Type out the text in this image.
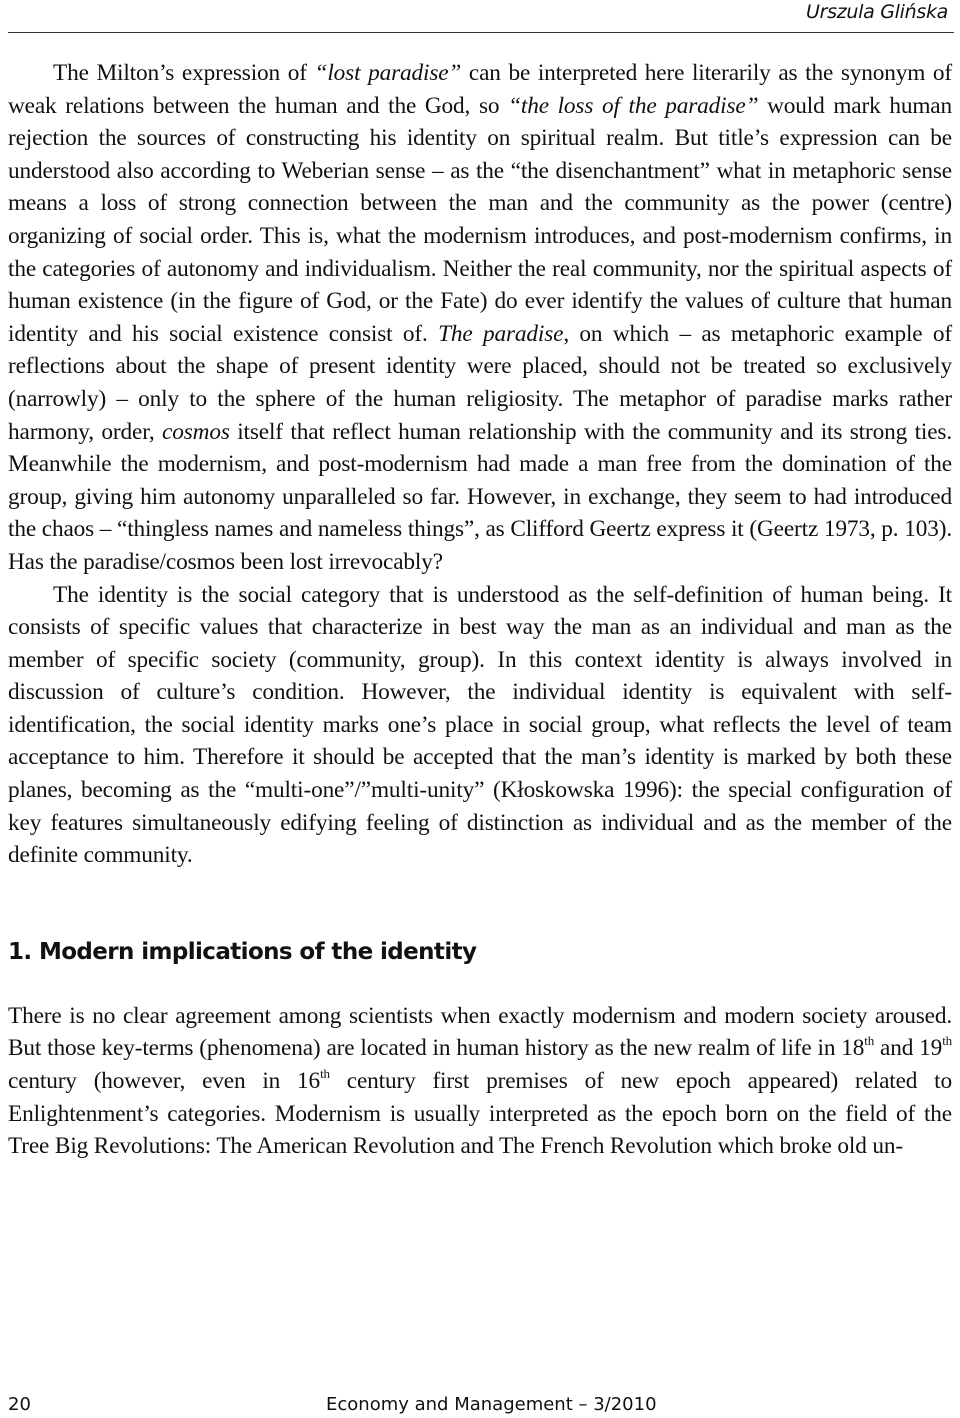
Urszula Glińska

The Milton’s expression of “lost paradise” can be interpreted here literarily as the synonym of weak relations between the human and the God, so “the loss of the paradise” would mark human rejection the sources of constructing his identity on spiritual realm. But title’s expression can be understood also according to Weberian sense – as the “the disenchantment” what in metaphoric sense means a loss of strong connection between the man and the community as the power (centre) organizing of social order. This is, what the modernism introduces, and post-modernism confirms, in the categories of autonomy and individualism. Neither the real community, nor the spiritual aspects of human existence (in the figure of God, or the Fate) do ever identify the values of culture that human identity and his social existence consist of. The paradise, on which – as metaphoric example of reflections about the shape of present identity were placed, should not be treated so exclusively (narrowly) – only to the sphere of the human religiosity. The metaphor of paradise marks rather harmony, order, cosmos itself that reflect human relationship with the community and its strong ties. Meanwhile the modernism, and post-modernism had made a man free from the domination of the group, giving him autonomy unparalleled so far. However, in exchange, they seem to had introduced the chaos – “thingless names and nameless things”, as Clifford Geertz express it (Geertz 1973, p. 103). Has the paradise/cosmos been lost irrevocably?

The identity is the social category that is understood as the self-definition of human being. It consists of specific values that characterize in best way the man as an individual and man as the member of specific society (community, group). In this context identity is always involved in discussion of culture’s condition. However, the individual identity is equivalent with self-identification, the social identity marks one’s place in social group, what reflects the level of team acceptance to him. Therefore it should be accepted that the man’s identity is marked by both these planes, becoming as the “multi-one”/”multi-unity” (Kłoskowska 1996): the special configuration of key features simultaneously edifying feeling of distinction as individual and as the member of the definite community.

1. Modern implications of the identity

There is no clear agreement among scientists when exactly modernism and modern society aroused. But those key-terms (phenomena) are located in human history as the new realm of life in 18th and 19th century (however, even in 16th century first premises of new epoch appeared) related to Enlightenment’s categories. Modernism is usually interpreted as the epoch born on the field of the Tree Big Revolutions: The American Revolution and The French Revolution which broke old un-

20	Economy and Management – 3/2010
